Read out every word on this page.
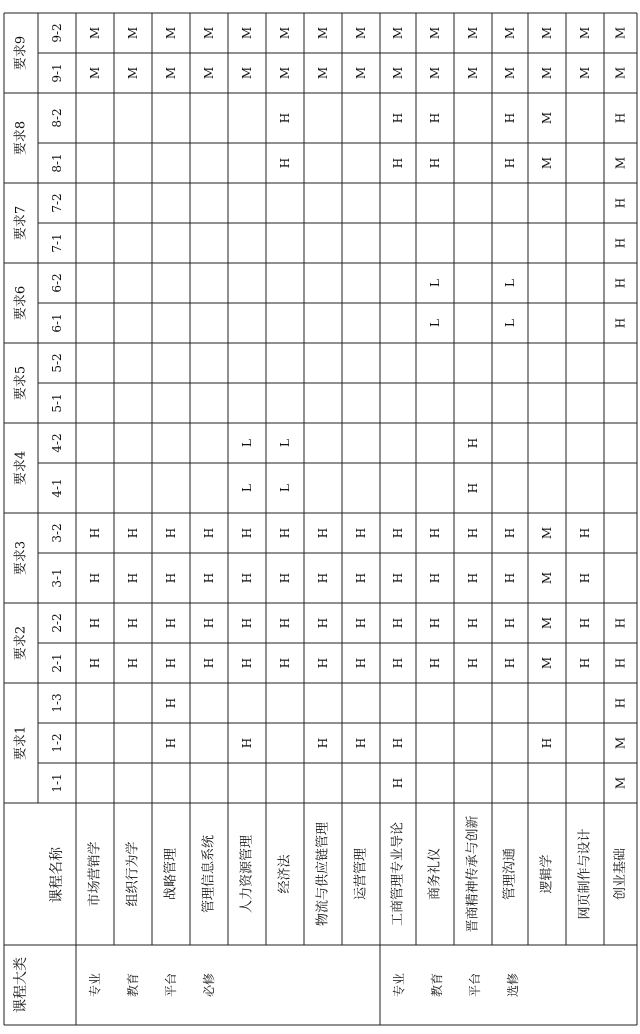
课程大类
课程名称
要求1
1-1
1-2
1-3
要求2
2-1
2-2
要求3
3-1
3-2
要求4
4-1
4-2
要求5
5-1
5-2
要求6
6-1
6-2
要求7
7-1
7-2
要求8
8-1
8-2
要求9
9-1
9-2
专业 教育 平台 必修	专业 教育 平台 选修
市场营销学
H
H
H
H
M
M
组织行为学
H
H
H
H
M
M
战略管理
H
H
H
H
H
H
M
M
管理信息系统
H
H
H
H
M
M
人力资源管理
H
H
H
H
H
L
L
M
M
经济法
H
H
H
H
L
L
H
H
M
M
物流与供应链管理
H
H
H
H
H
M
M
运营管理
H
H
H
H
H
M
M
工商管理专业导论
H
H
H
H
H
H
H
H
M
M
商务礼仪
H
H
H
H
L
L
H
H
M
M
晋商精神传承与创新
H
H
H
H
H
H
M
M
管理沟通
H
H
H
H
L
L
H
H
M
M
逻辑学
H
M
M
M
M
M
M
M
M
网页制作与设计
H
H
H
H
M
M
创业基础
M
M
H
H
H
H
H
H
H
M
H
M
M
